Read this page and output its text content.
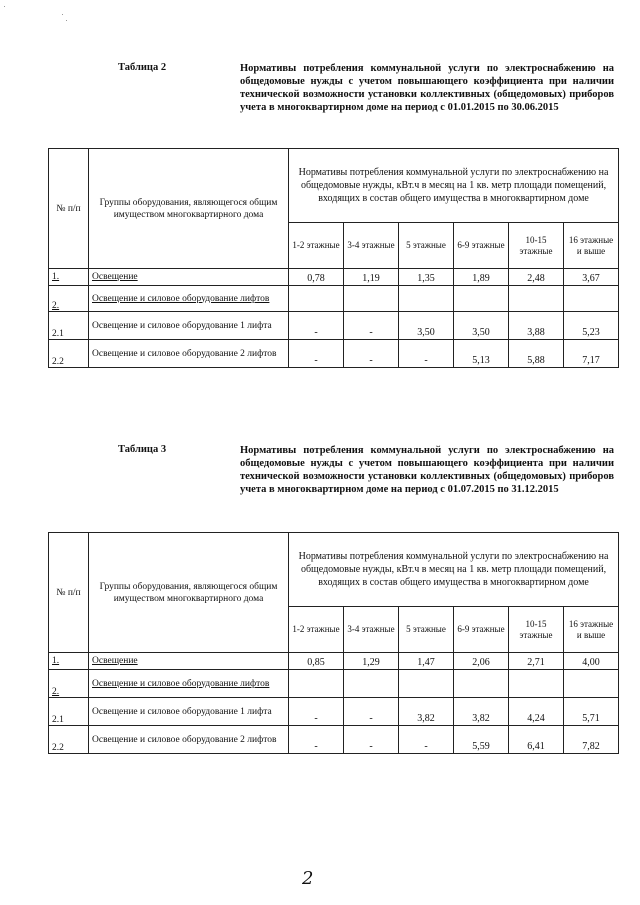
Таблица 2	Нормативы потребления коммунальной услуги по электроснабжению на общедомовые нужды с учетом повышающего коэффициента при наличии технической возможности установки коллективных (общедомовых) приборов учета в многоквартирном доме на период с 01.01.2015 по 30.06.2015
№ п/п	Группы оборудования, являющегося общим имуществом многоквартирного дома	Нормативы потребления коммунальной услуги по электроснабжению на общедомовые нужды, кВт.ч в месяц на 1 кв. метр площади помещений, входящих в состав общего имущества в многоквартирном доме					
		1-2 этажные	3-4 этажные	5 этажные	6-9 этажные	10-15 этажные	16 этажные и выше
1.	Освещение	0,78	1,19	1,35	1,89	2,48	3,67
2.	Освещение и силовое оборудование лифтов						
2.1	Освещение и силовое оборудование 1 лифта	-	-	3,50	3,50	3,88	5,23
2.2	Освещение и силовое оборудование 2 лифтов	-	-	-	5,13	5,88	7,17
Таблица 3	Нормативы потребления коммунальной услуги по электроснабжению на общедомовые нужды с учетом повышающего коэффициента при наличии технической возможности установки коллективных (общедомовых) приборов учета в многоквартирном доме на период с 01.07.2015 по 31.12.2015
№ п/п	Группы оборудования, являющегося общим имуществом многоквартирного дома	Нормативы потребления коммунальной услуги по электроснабжению на общедомовые нужды, кВт.ч в месяц на 1 кв. метр площади помещений, входящих в состав общего имущества в многоквартирном доме					
		1-2 этажные	3-4 этажные	5 этажные	6-9 этажные	10-15 этажные	16 этажные и выше
1.	Освещение	0,85	1,29	1,47	2,06	2,71	4,00
2.	Освещение и силовое оборудование лифтов						
2.1	Освещение и силовое оборудование 1 лифта	-	-	3,82	3,82	4,24	5,71
2.2	Освещение и силовое оборудование 2 лифтов	-	-	-	5,59	6,41	7,82
2
